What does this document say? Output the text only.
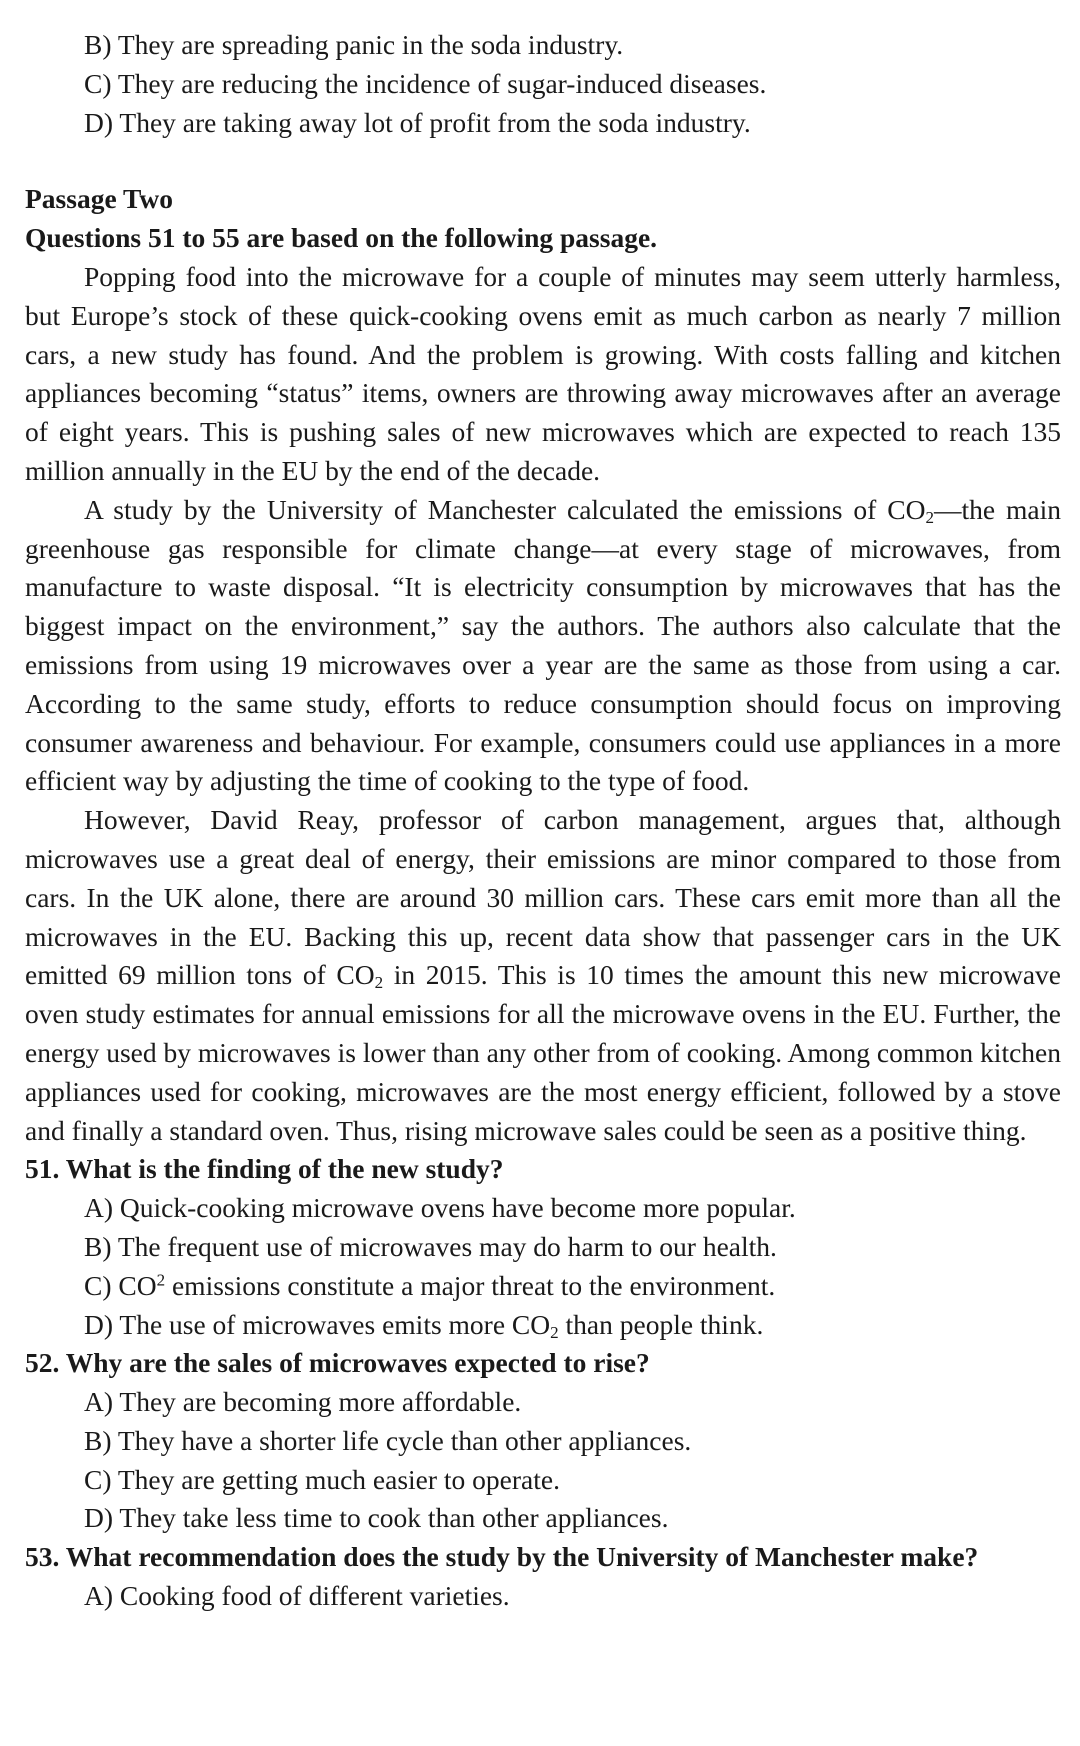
B) They are spreading panic in the soda industry.
C) They are reducing the incidence of sugar-induced diseases.
D) They are taking away lot of profit from the soda industry.
Passage Two
Questions 51 to 55 are based on the following passage.
Popping food into the microwave for a couple of minutes may seem utterly harmless, but Europe’s stock of these quick-cooking ovens emit as much carbon as nearly 7 million cars, a new study has found. And the problem is growing. With costs falling and kitchen appliances becoming “status” items, owners are throwing away microwaves after an average of eight years. This is pushing sales of new microwaves which are expected to reach 135 million annually in the EU by the end of the decade.
A study by the University of Manchester calculated the emissions of $CO_2—the$ main greenhouse gas responsible for climate change—at every stage of microwaves, from manufacture to waste disposal. “It is electricity consumption by microwaves that has the biggest impact on the environment,” say the authors. The authors also calculate that the emissions from using 19 microwaves over a year are the same as those from using a car. According to the same study, efforts to reduce consumption should focus on improving consumer awareness and behaviour. For example, consumers could use appliances in a more efficient way by adjusting the time of cooking to the type of food.
However, David Reay, professor of carbon management, argues that, although microwaves use a great deal of energy, their emissions are minor compared to those from cars. In the UK alone, there are around 30 million cars. These cars emit more than all the microwaves in the EU. Backing this up, recent data show that passenger cars in the UK emitted 69 million tons of $CO_2$ in 2015. This is 10 times the amount this new microwave oven study estimates for annual emissions for all the microwave ovens in the EU. Further, the energy used by microwaves is lower than any other from of cooking. Among common kitchen appliances used for cooking, microwaves are the most energy efficient, followed by a stove and finally a standard oven. Thus, rising microwave sales could be seen as a positive thing.
51. What is the finding of the new study?
A) Quick-cooking microwave ovens have become more popular.
B) The frequent use of microwaves may do harm to our health.
C) $CO^2$ emissions constitute a major threat to the environment.
D) The use of microwaves emits more $CO_2$ than people think.
52. Why are the sales of microwaves expected to rise?
A) They are becoming more affordable.
B) They have a shorter life cycle than other appliances.
C) They are getting much easier to operate.
D) They take less time to cook than other appliances.
53. What recommendation does the study by the University of Manchester make?
A) Cooking food of different varieties.
